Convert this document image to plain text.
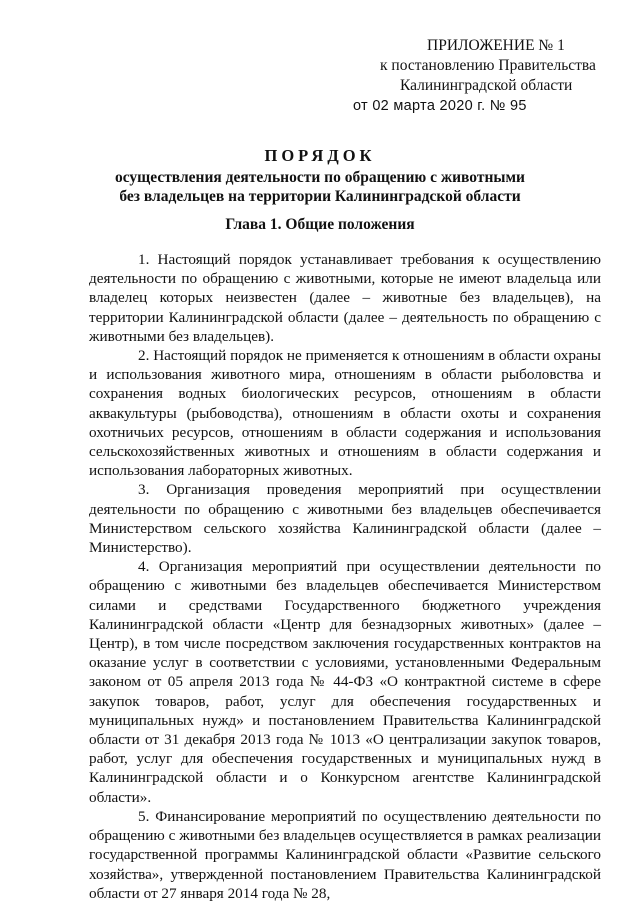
ПРИЛОЖЕНИЕ № 1
к постановлению Правительства
Калининградской области
от 02 марта 2020 г. № 95
ПОРЯДОК
осуществления деятельности по обращению с животными
без владельцев на территории Калининградской области
Глава 1. Общие положения

1. Настоящий порядок устанавливает требования к осуществлению деятельности по обращению с животными, которые не имеют владельца или владелец которых неизвестен (далее – животные без владельцев), на территории Калининградской области (далее – деятельность по обращению с животными без владельцев).

2. Настоящий порядок не применяется к отношениям в области охраны и использования животного мира, отношениям в области рыболовства и сохранения водных биологических ресурсов, отношениям в области аквакультуры (рыбоводства), отношениям в области охоты и сохранения охотничьих ресурсов, отношениям в области содержания и использования сельскохозяйственных животных и отношениям в области содержания и использования лабораторных животных.

3. Организация проведения мероприятий при осуществлении деятельности по обращению с животными без владельцев обеспечивается Министерством сельского хозяйства Калининградской области (далее – Министерство).

4. Организация мероприятий при осуществлении деятельности по обращению с животными без владельцев обеспечивается Министерством силами и средствами Государственного бюджетного учреждения Калининградской области «Центр для безнадзорных животных» (далее – Центр), в том числе посредством заключения государственных контрактов на оказание услуг в соответствии с условиями, установленными Федеральным законом от 05 апреля 2013 года № 44-ФЗ «О контрактной системе в сфере закупок товаров, работ, услуг для обеспечения государственных и муниципальных нужд» и постановлением Правительства Калининградской области от 31 декабря 2013 года № 1013 «О централизации закупок товаров, работ, услуг для обеспечения государственных и муниципальных нужд в Калининградской области и о Конкурсном агентстве Калининградской области».

5. Финансирование мероприятий по осуществлению деятельности по обращению с животными без владельцев осуществляется в рамках реализации государственной программы Калининградской области «Развитие сельского хозяйства», утвержденной постановлением Правительства Калининградской области от 27 января 2014 года № 28,
